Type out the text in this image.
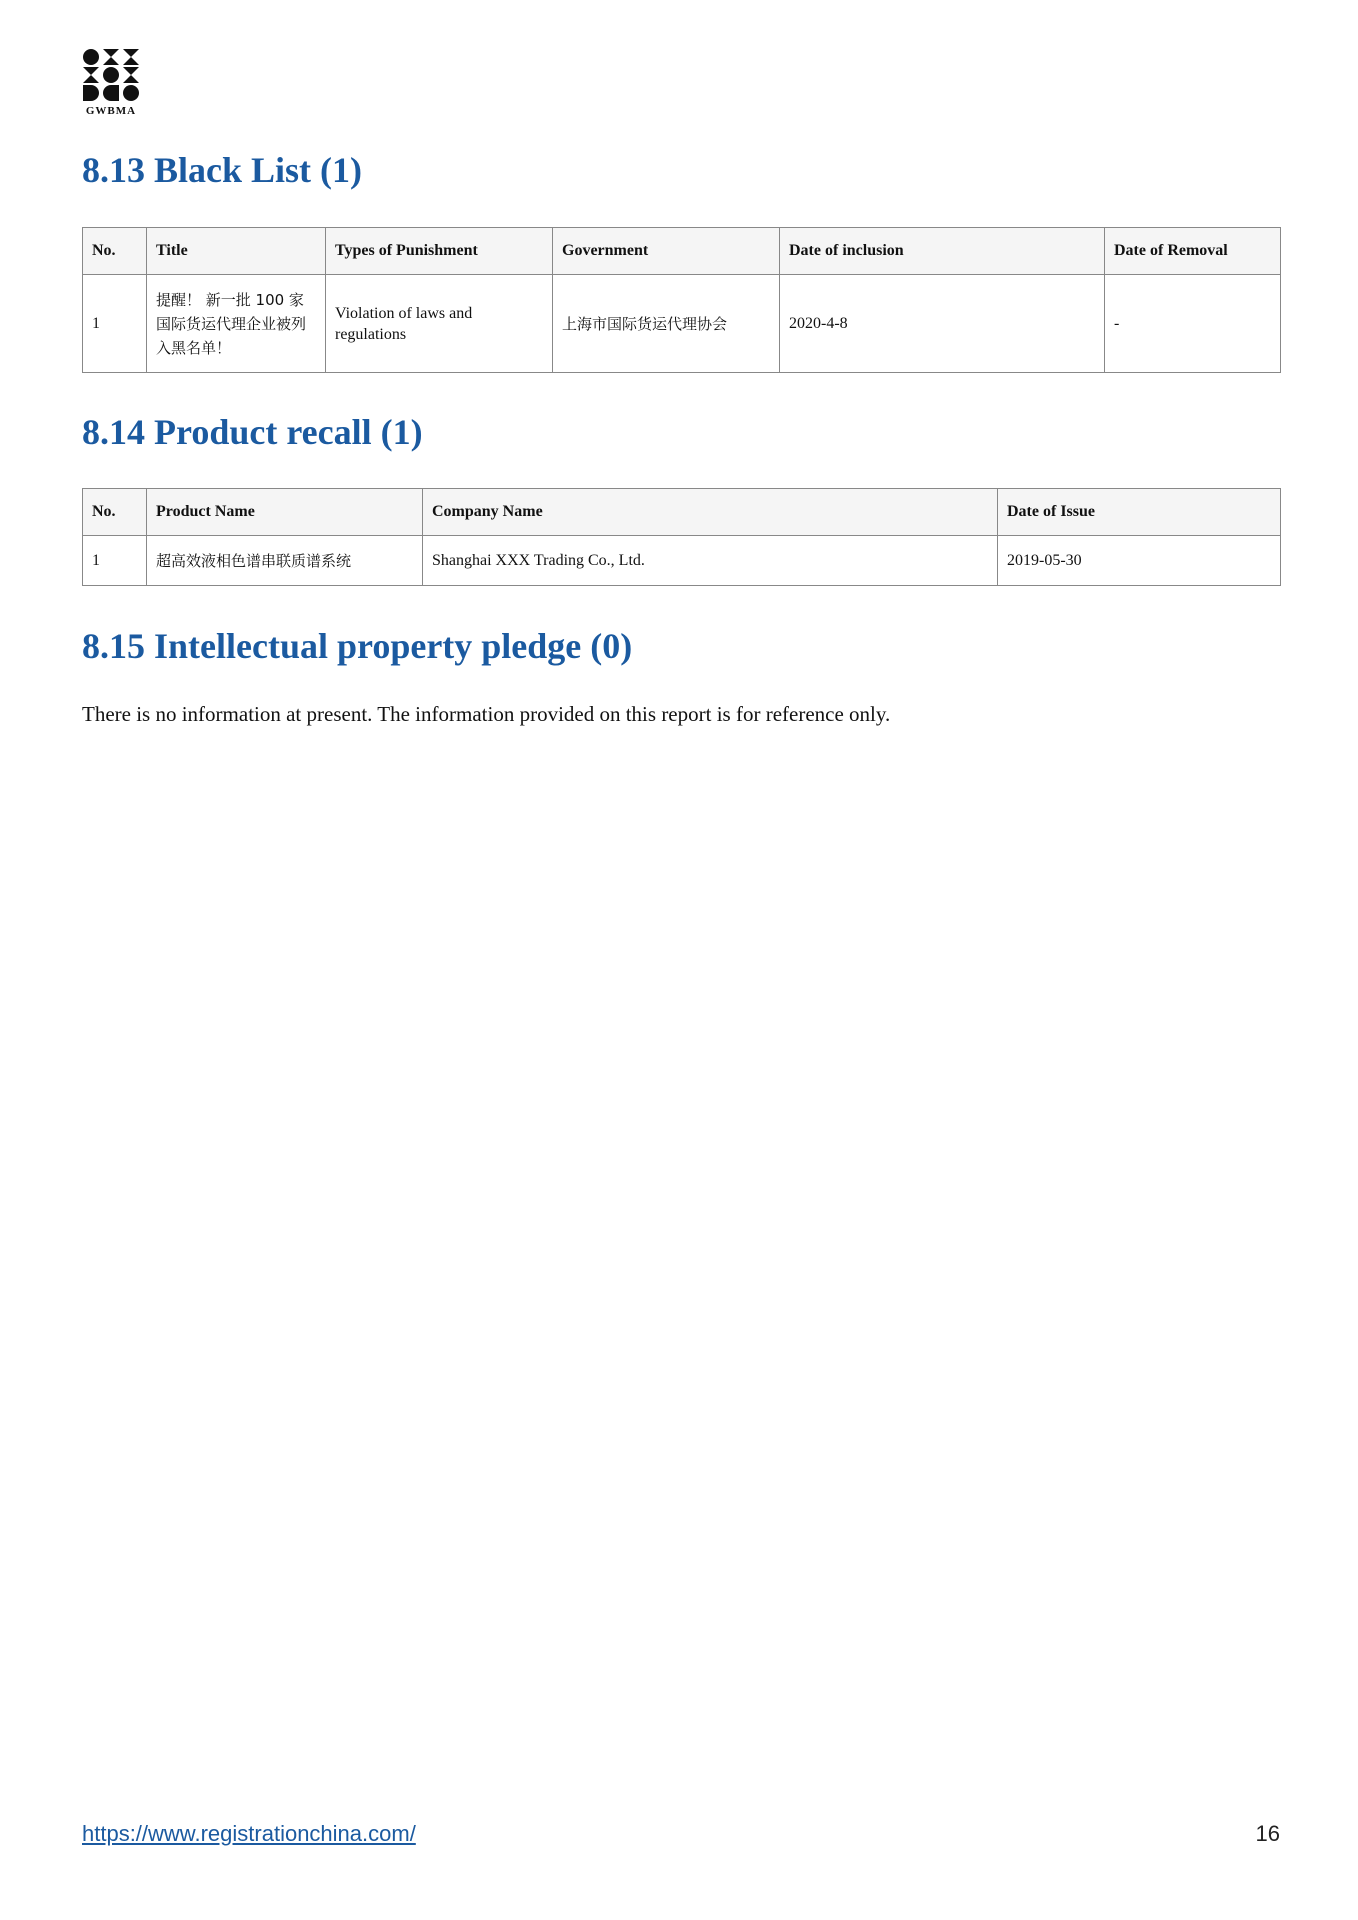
GWBMA
8.13 Black List (1)
No.	Title	Types of Punishment	Government	Date of inclusion	Date of Removal
1	提醒！ 新一批 100 家国际货运代理企业被列入黑名单！	Violation of laws and regulations	上海市国际货运代理协会	2020-4-8	-
8.14 Product recall (1)
No.	Product Name	Company Name	Date of Issue
1	超高效液相色谱串联质谱系统	Shanghai XXX Trading Co., Ltd.	2019-05-30
8.15 Intellectual property pledge (0)

There is no information at present. The information provided on this report is for reference only.

https://www.registrationchina.com/	16
